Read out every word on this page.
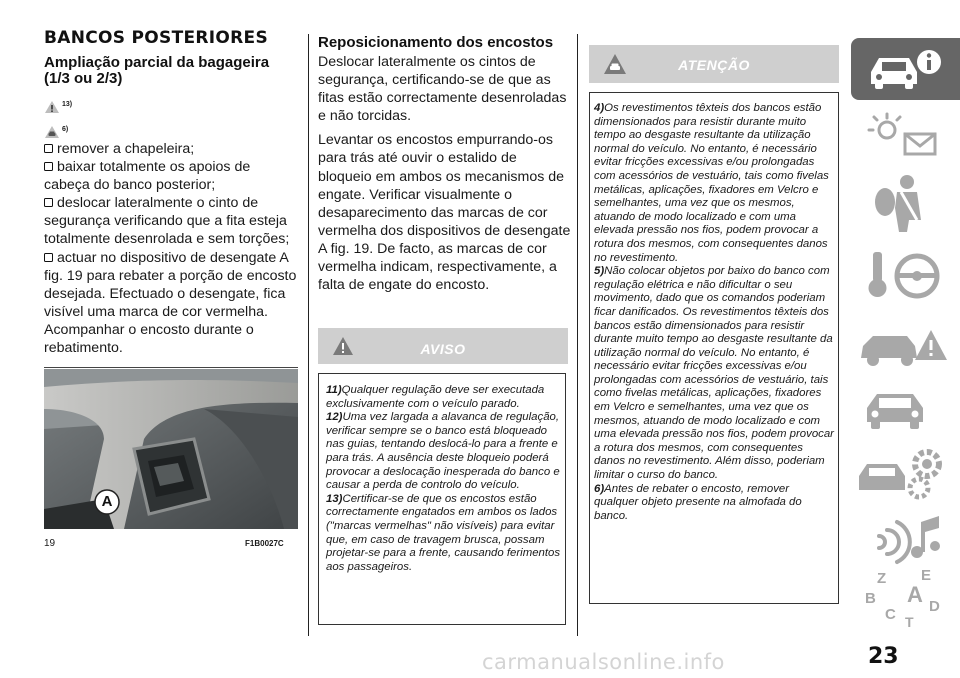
BANCOS POSTERIORES
Ampliação parcial da bagageira
(1/3 ou 2/3)
13)
6)

remover a chapeleira;

baixar totalmente os apoios de cabeça do banco posterior;

deslocar lateralmente o cinto de segurança verificando que a fita esteja totalmente desenrolada e sem torções;

actuar no dispositivo de desengate A fig. 19 para rebater a porção de encosto desejada. Efectuado o desengate, fica visível uma marca de cor vermelha. Acompanhar o encosto durante o rebatimento.

A
19	F1B0027C
Reposicionamento dos encostos

Deslocar lateralmente os cintos de segurança, certificando-se de que as fitas estão correctamente desenroladas e não torcidas.

Levantar os encostos empurrando-os para trás até ouvir o estalido de bloqueio em ambos os mecanismos de engate. Verificar visualmente o desaparecimento das marcas de cor vermelha dos dispositivos de desengate A fig. 19. De facto, as marcas de cor vermelha indicam, respectivamente, a falta de engate do encosto.

AVISO

11)Qualquer regulação deve ser executada exclusivamente com o veículo parado.

12)Uma vez largada a alavanca de regulação, verificar sempre se o banco está bloqueado nas guias, tentando deslocá-lo para a frente e para trás. A ausência deste bloqueio poderá provocar a deslocação inesperada do banco e causar a perda de controlo do veículo.

13)Certificar-se de que os encostos estão correctamente engatados em ambos os lados ("marcas vermelhas" não visíveis) para evitar que, em caso de travagem brusca, possam projetar-se para a frente, causando ferimentos aos passageiros.

ATENÇÃO

4)Os revestimentos têxteis dos bancos estão dimensionados para resistir durante muito tempo ao desgaste resultante da utilização normal do veículo. No entanto, é necessário evitar fricções excessivas e/ou prolongadas com acessórios de vestuário, tais como fivelas metálicas, aplicações, fixadores em Velcro e semelhantes, uma vez que os mesmos, atuando de modo localizado e com uma elevada pressão nos fios, podem provocar a rotura dos mesmos, com consequentes danos no revestimento.

5)Não colocar objetos por baixo do banco com regulação elétrica e não dificultar o seu movimento, dado que os comandos poderiam ficar danificados. Os revestimentos têxteis dos bancos estão dimensionados para resistir durante muito tempo ao desgaste resultante da utilização normal do veículo. No entanto, é necessário evitar fricções excessivas e/ou prolongadas com acessórios de vestuário, tais como fivelas metálicas, aplicações, fixadores em Velcro e semelhantes, uma vez que os mesmos, atuando de modo localizado e com uma elevada pressão nos fios, podem provocar a rotura dos mesmos, com consequentes danos no revestimento. Além disso, poderiam limitar o curso do banco.

6)Antes de rebater o encosto, remover qualquer objeto presente na almofada do banco.

Z E
B A
C T
D
23
carmanualsonline.info
